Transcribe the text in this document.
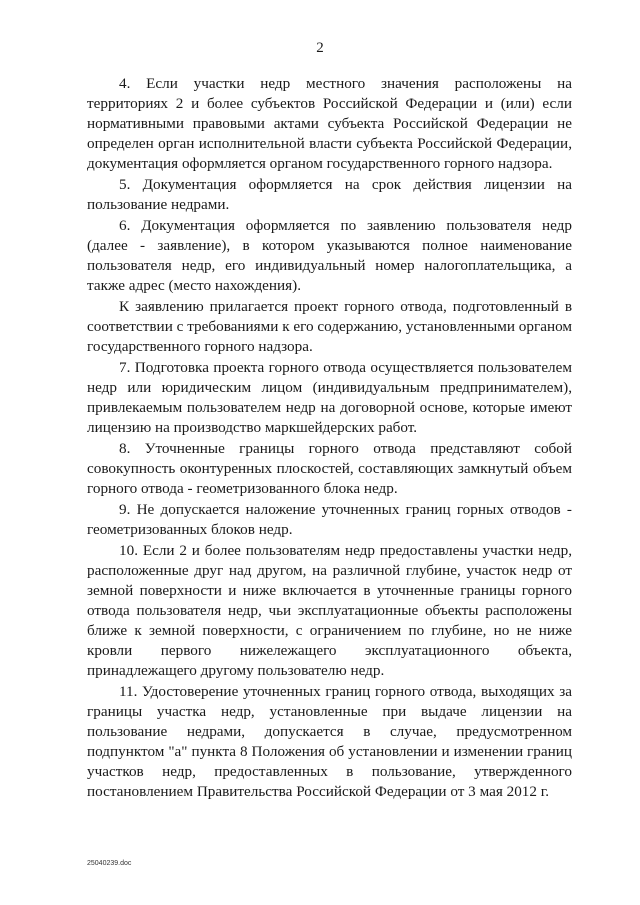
2

4. Если участки недр местного значения расположены на территориях 2 и более субъектов Российской Федерации и (или) если нормативными правовыми актами субъекта Российской Федерации не определен орган исполнительной власти субъекта Российской Федерации, документация оформляется органом государственного горного надзора.

5. Документация оформляется на срок действия лицензии на пользование недрами.

6. Документация оформляется по заявлению пользователя недр (далее - заявление), в котором указываются полное наименование пользователя недр, его индивидуальный номер налогоплательщика, а также адрес (место нахождения).

К заявлению прилагается проект горного отвода, подготовленный в соответствии с требованиями к его содержанию, установленными органом государственного горного надзора.

7. Подготовка проекта горного отвода осуществляется пользователем недр или юридическим лицом (индивидуальным предпринимателем), привлекаемым пользователем недр на договорной основе, которые имеют лицензию на производство маркшейдерских работ.

8. Уточненные границы горного отвода представляют собой совокупность оконтуренных плоскостей, составляющих замкнутый объем горного отвода - геометризованного блока недр.

9. Не допускается наложение уточненных границ горных отводов - геометризованных блоков недр.

10. Если 2 и более пользователям недр предоставлены участки недр, расположенные друг над другом, на различной глубине, участок недр от земной поверхности и ниже включается в уточненные границы горного отвода пользователя недр, чьи эксплуатационные объекты расположены ближе к земной поверхности, с ограничением по глубине, но не ниже кровли первого нижележащего эксплуатационного объекта, принадлежащего другому пользователю недр.

11. Удостоверение уточненных границ горного отвода, выходящих за границы участка недр, установленные при выдаче лицензии на пользование недрами, допускается в случае, предусмотренном подпунктом "а" пункта 8 Положения об установлении и изменении границ участков недр, предоставленных в пользование, утвержденного постановлением Правительства Российской Федерации от 3 мая 2012 г.

25040239.doc
